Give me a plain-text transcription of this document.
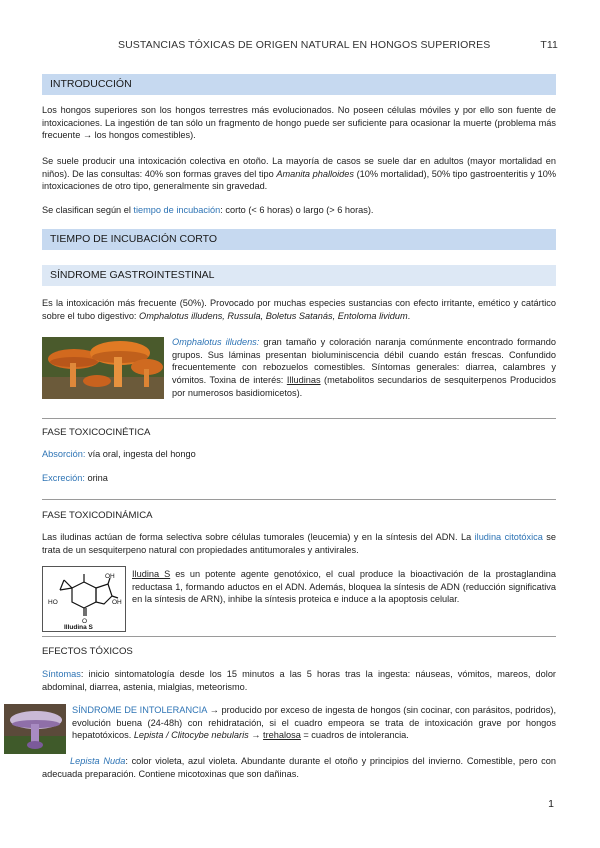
SUSTANCIAS TÓXICAS DE ORIGEN NATURAL EN HONGOS SUPERIORES	T11
INTRODUCCIÓN
Los hongos superiores son los hongos terrestres más evolucionados. No poseen células móviles y por ello son fuente de intoxicaciones. La ingestión de tan sólo un fragmento de hongo puede ser suficiente para ocasionar la muerte (problema más frecuente → los hongos comestibles).
Se suele producir una intoxicación colectiva en otoño. La mayoría de casos se suele dar en adultos (mayor mortalidad en niños). De las consultas: 40% son formas graves del tipo Amanita phalloides (10% mortalidad), 50% tipo gastroenteritis y 10% intoxicaciones de otro tipo, generalmente sin gravedad.
Se clasifican según el tiempo de incubación: corto (< 6 horas) o largo (> 6 horas).
TIEMPO DE INCUBACIÓN CORTO
SÍNDROME GASTROINTESTINAL
Es la intoxicación más frecuente (50%). Provocado por muchas especies sustancias con efecto irritante, emético y catártico sobre el tubo digestivo: Omphalotus illudens, Russula, Boletus Satanás, Entoloma lividum.
Omphalotus illudens: gran tamaño y coloración naranja comúnmente encontrado formando grupos. Sus láminas presentan bioluminiscencia débil cuando están frescas. Confundido frecuentemente con rebozuelos comestibles. Síntomas generales: diarrea, calambres y vómitos. Toxina de interés: Illudinas (metabolitos secundarios de sesquiterpenos Producidos por numerosos basidiomicetos).
FASE TOXICOCINÉTICA
Absorción: vía oral, ingesta del hongo
Excreción: orina
FASE TOXICODINÁMICA
Las iludinas actúan de forma selectiva sobre células tumorales (leucemia) y en la síntesis del ADN. La iludina citotóxica se trata de un sesquiterpeno natural con propiedades antitumorales y antivirales.
OH
OH
HO
O
Illudina S
Iludina S es un potente agente genotóxico, el cual produce la bioactivación de la prostaglandina reductasa 1, formando aductos en el ADN. Además, bloquea la síntesis de ADN (reducción significativa en la síntesis de ARN), inhibe la síntesis proteica e induce a la apoptosis celular.
EFECTOS TÓXICOS
Síntomas: inicio sintomatología desde los 15 minutos a las 5 horas tras la ingesta: náuseas, vómitos, mareos, dolor abdominal, diarrea, astenia, mialgias, meteorismo.
SÍNDROME DE INTOLERANCIA → producido por exceso de ingesta de hongos (sin cocinar, con parásitos, podridos), evolución buena (24-48h) con rehidratación, si el cuadro empeora se trata de intoxicación grave por hongos hepatotóxicos. Lepista / Clitocybe nebularis → trehalosa = cuadros de intolerancia.
Lepista Nuda: color violeta, azul violeta. Abundante durante el otoño y principios del invierno. Comestible, pero con adecuada preparación. Contiene micotoxinas que son dañinas.
1
